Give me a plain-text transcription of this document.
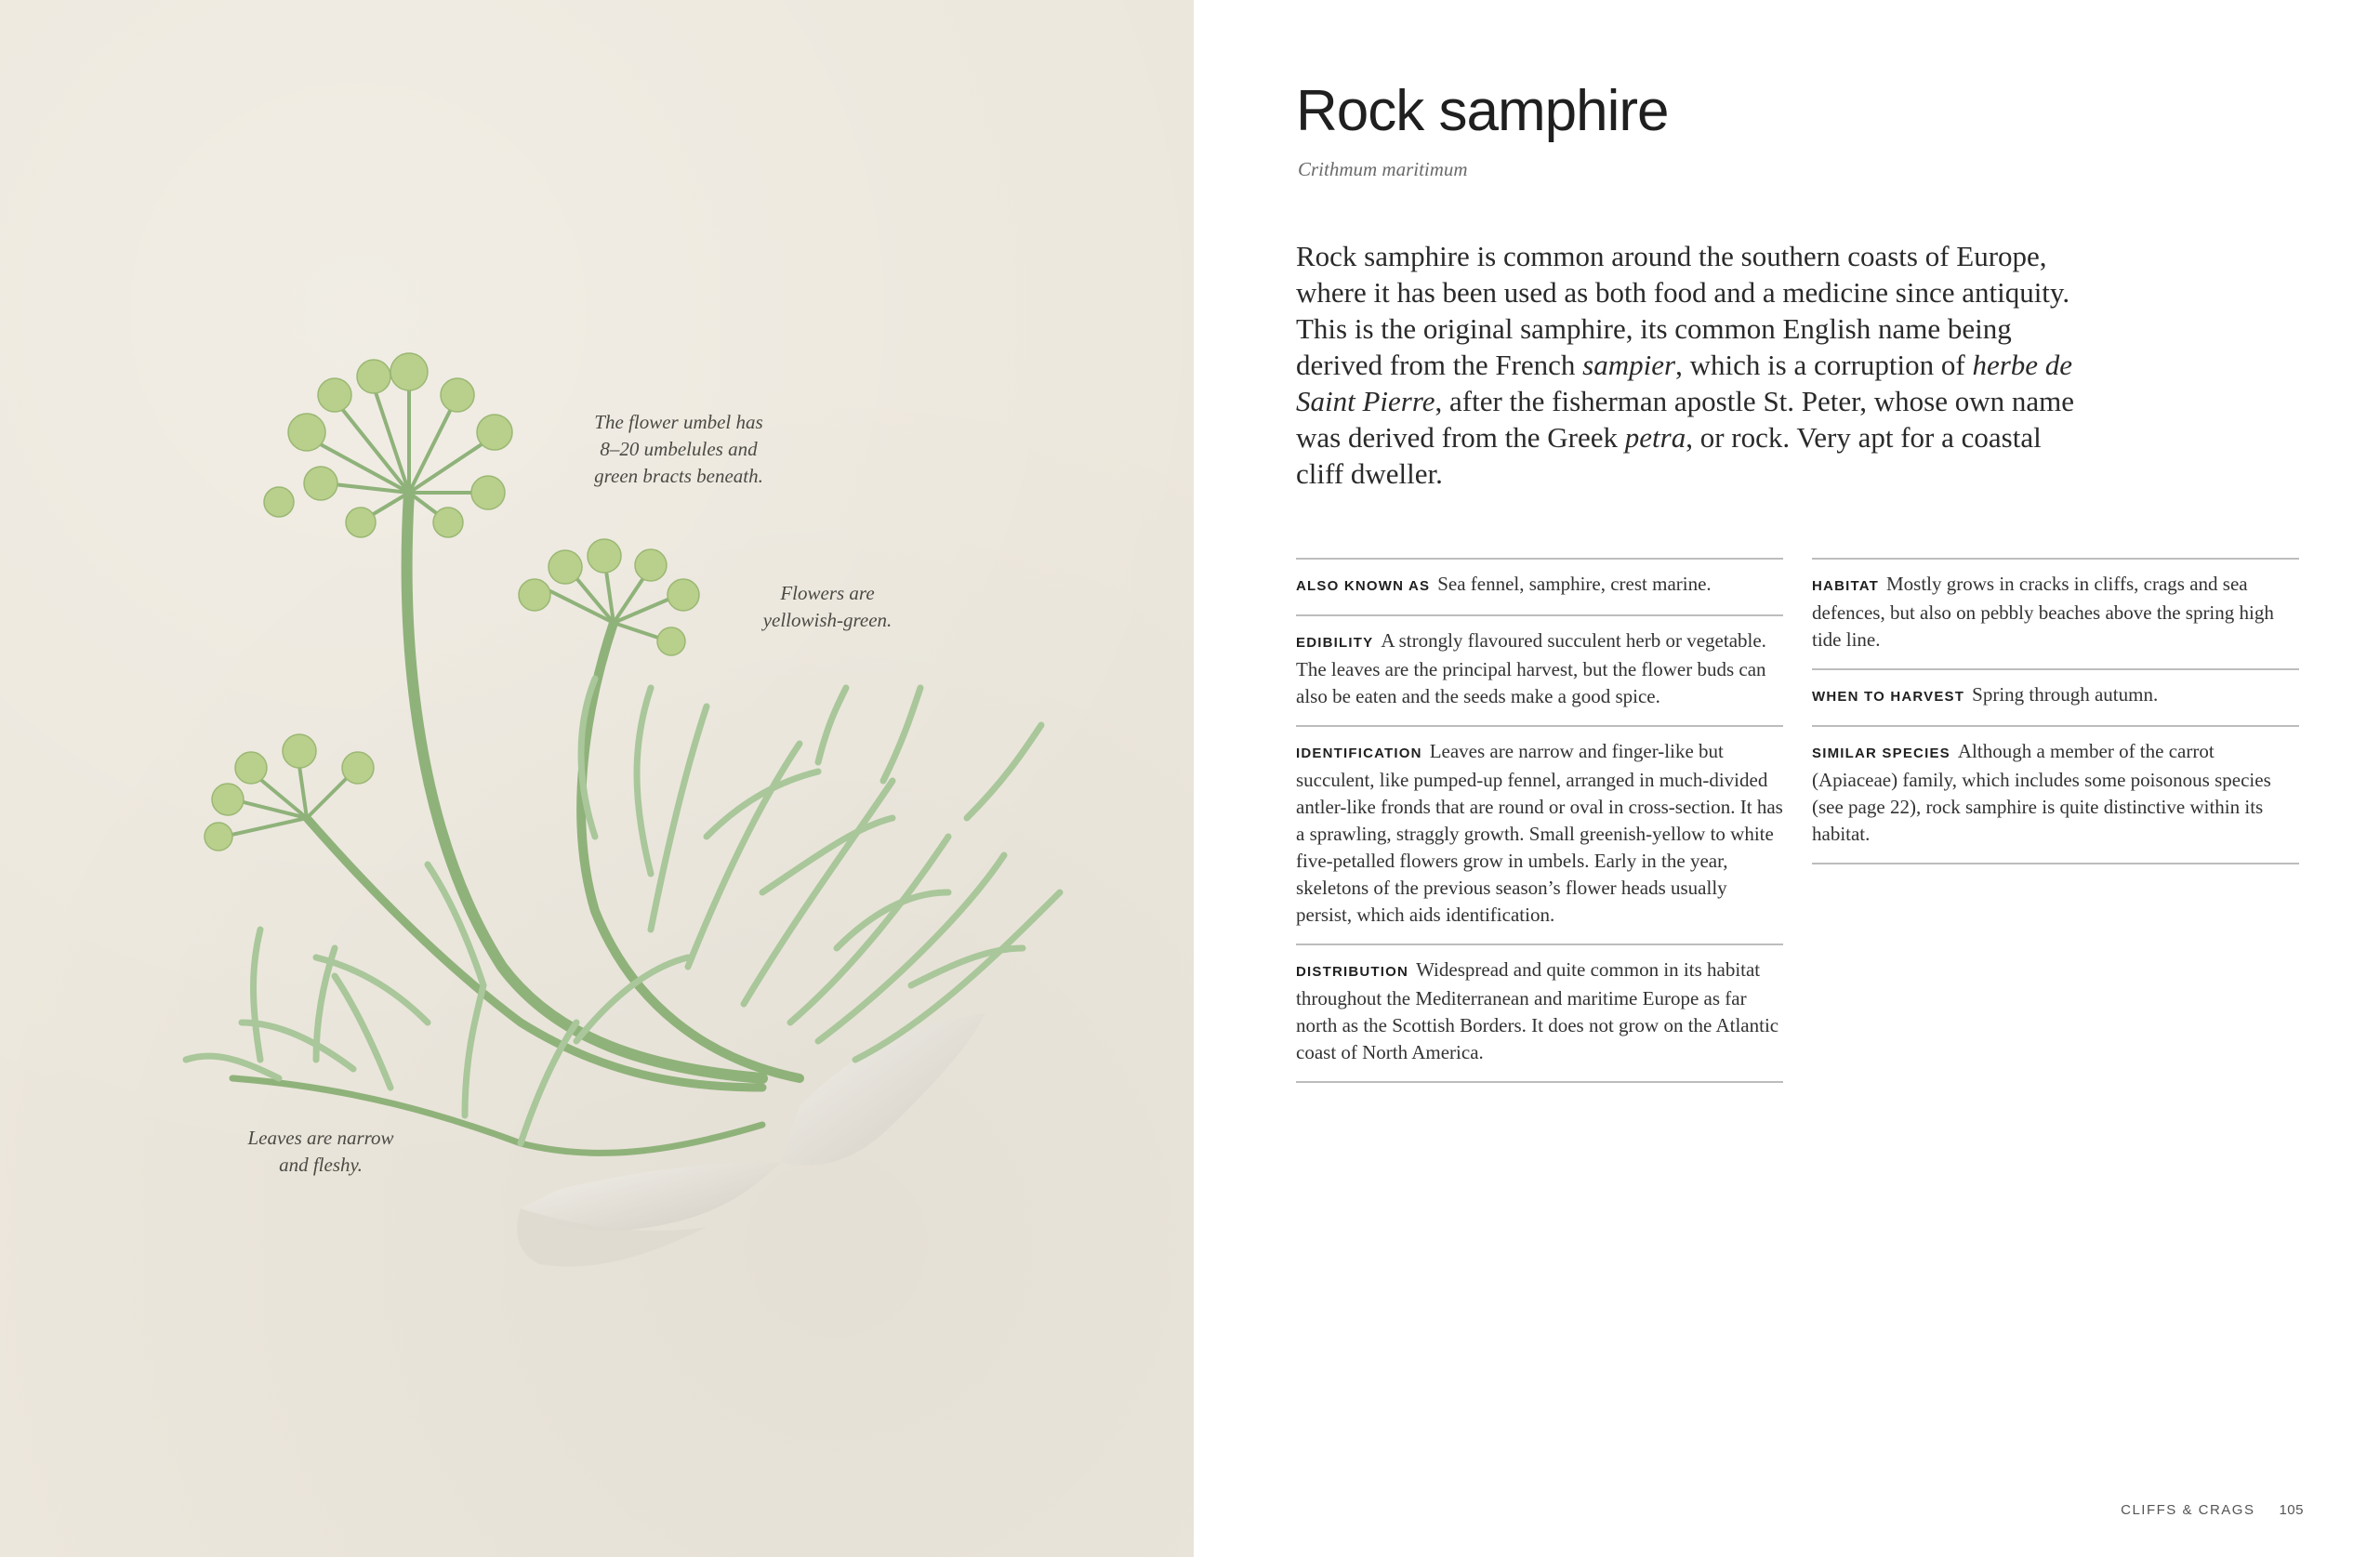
The flower umbel has
8–20 umbelules and
green bracts beneath.
Flowers are
yellowish-green.
Leaves are narrow
and fleshy.
Rock samphire
Crithmum maritimum

Rock samphire is common around the southern coasts of Europe, where it has been used as both food and a medicine since antiquity. This is the original samphire, its common English name being derived from the French sampier, which is a corruption of herbe de Saint Pierre, after the fisherman apostle St. Peter, whose own name was derived from the Greek petra, or rock. Very apt for a coastal cliff dweller.

ALSO KNOWN AS Sea fennel, samphire, crest marine.
EDIBILITY A strongly flavoured succulent herb or vegetable. The leaves are the principal harvest, but the flower buds can also be eaten and the seeds make a good spice.
IDENTIFICATION Leaves are narrow and finger-like but succulent, like pumped-up fennel, arranged in much-divided antler-like fronds that are round or oval in cross-section. It has a sprawling, straggly growth. Small greenish-yellow to white five-petalled flowers grow in umbels. Early in the year, skeletons of the previous season’s flower heads usually persist, which aids identification.
DISTRIBUTION Widespread and quite common in its habitat throughout the Mediterranean and maritime Europe as far north as the Scottish Borders. It does not grow on the Atlantic coast of North America.
HABITAT Mostly grows in cracks in cliffs, crags and sea defences, but also on pebbly beaches above the spring high tide line.
WHEN TO HARVEST Spring through autumn.
SIMILAR SPECIES Although a member of the carrot (Apiaceae) family, which includes some poisonous species (see page 22), rock samphire is quite distinctive within its habitat.
CLIFFS & CRAGS 105
